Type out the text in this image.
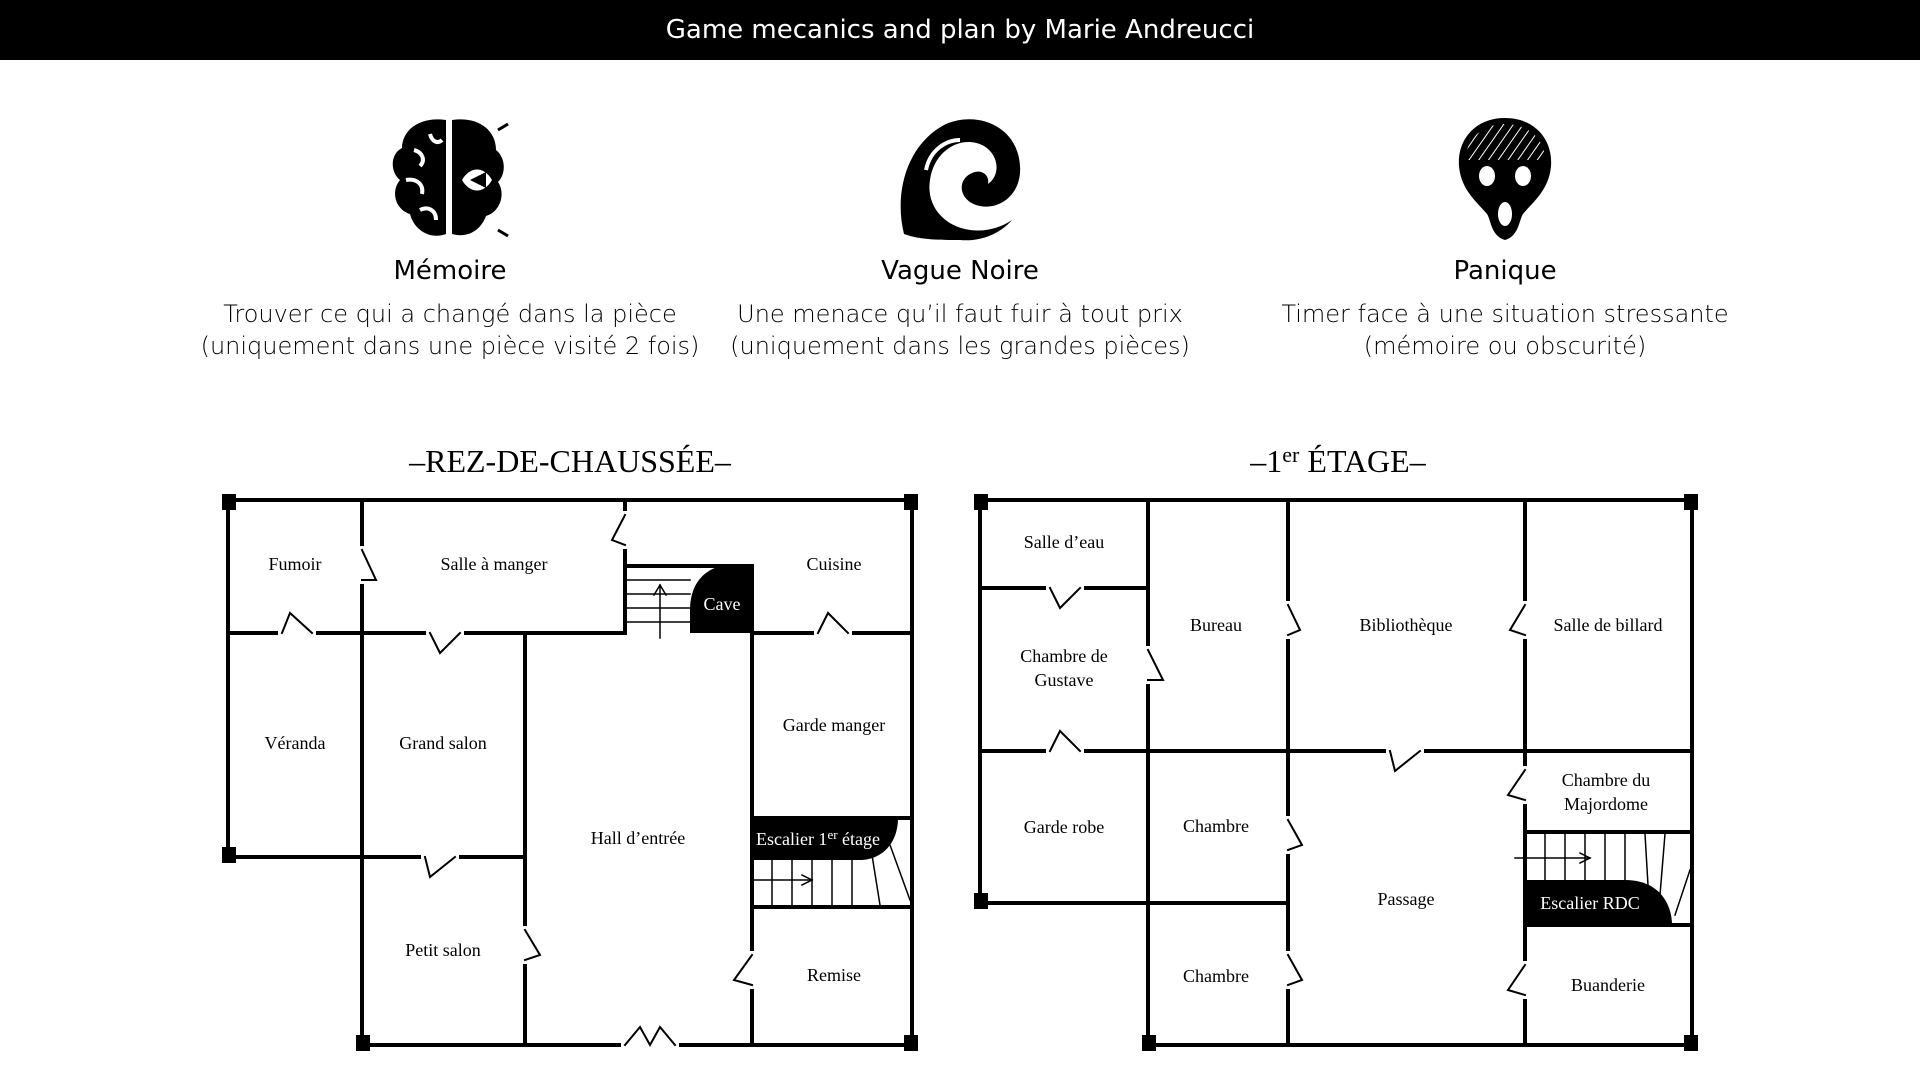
Game mecanics and plan by Marie Andreucci
Mémoire
Trouver ce qui a changé dans la pièce
(uniquement dans une pièce visité 2 fois)
Vague Noire
Une menace qu’il faut fuir à tout prix
(uniquement dans les grandes pièces)
Panique
Timer face à une situation stressante
(mémoire ou obscurité)
–REZ-DE-CHAUSSÉE–	–1er ÉTAGE–
Fumoir	Salle à manger	Cuisine
Véranda	Grand salon
Garde manger
Hall d’entrée
Petit salon
Remise
Cave
Escalier 1er étage
Salle d’eau
Bureau	Bibliothèque	Salle de billard
Chambre de
Gustave
Garde robe	Chambre
Passage
Chambre du
Majordome
Chambre	Buanderie
Escalier RDC
